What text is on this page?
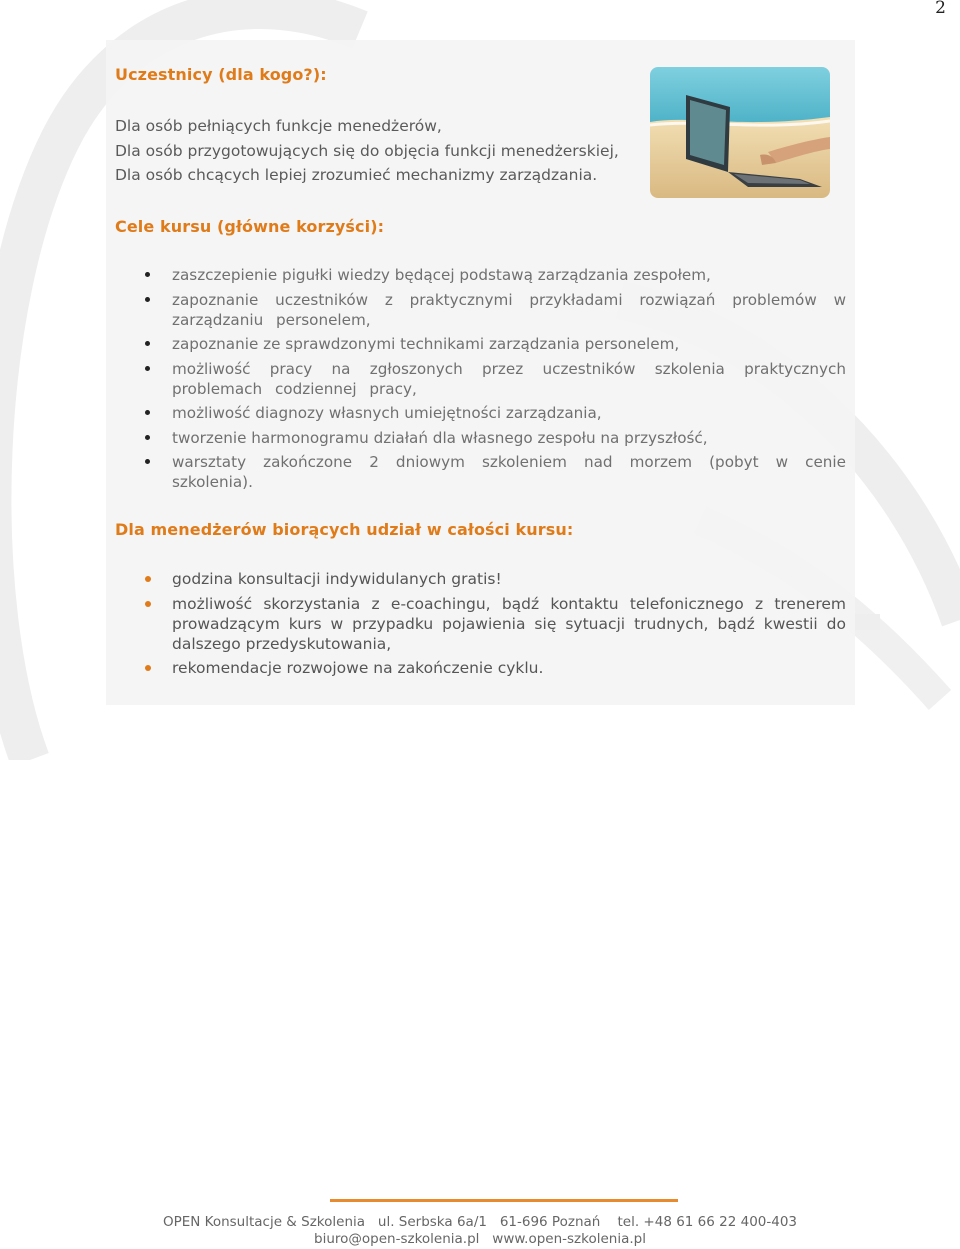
2
Uczestnicy (dla kogo?):
Dla osób pełniących funkcje menedżerów,
Dla osób przygotowujących się do objęcia funkcji menedżerskiej,
Dla osób chcących lepiej zrozumieć mechanizmy zarządzania.
Cele kursu (główne korzyści):
zaszczepienie pigułki wiedzy będącej podstawą zarządzania zespołem,
zapoznanie uczestników z praktycznymi przykładami rozwiązań problemów w zarządzaniu personelem,
zapoznanie ze sprawdzonymi technikami zarządzania personelem,
możliwość pracy na zgłoszonych przez uczestników szkolenia praktycznych problemach codziennej pracy,
możliwość diagnozy własnych umiejętności zarządzania,
tworzenie harmonogramu działań dla własnego zespołu na przyszłość,
warsztaty zakończone 2 dniowym szkoleniem nad morzem (pobyt w cenie szkolenia).
Dla menedżerów biorących udział w całości kursu:
godzina konsultacji indywidulanych gratis!
możliwość skorzystania z e-coachingu, bądź kontaktu telefonicznego z trenerem prowadzącym kurs w przypadku pojawienia się sytuacji trudnych, bądź kwestii do dalszego przedyskutowania,
rekomendacje rozwojowe na zakończenie cyklu.
OPEN Konsultacje & Szkolenia   ul. Serbska 6a/1   61-696 Poznań    tel. +48 61 66 22 400-403
biuro@open-szkolenia.pl   www.open-szkolenia.pl
